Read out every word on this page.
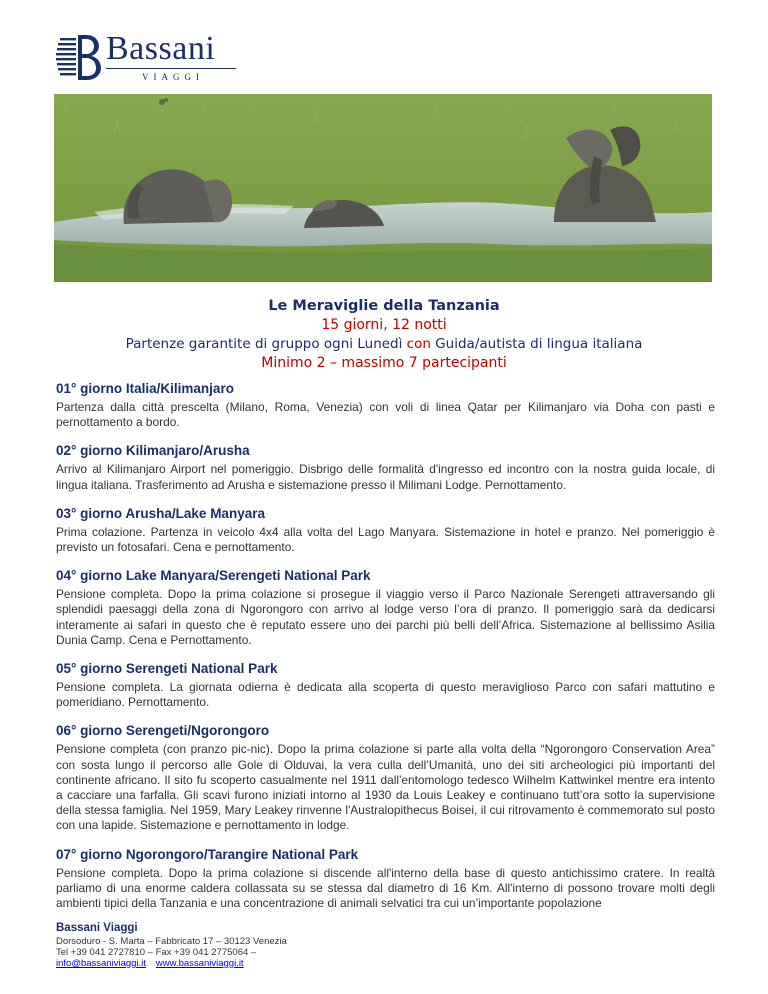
Bassani
VIAGGI
Le Meraviglie della Tanzania
15 giorni, 12 notti
Partenze garantite di gruppo ogni Lunedì con Guida/autista di lingua italiana
Minimo 2 – massimo 7 partecipanti
01° giorno Italia/Kilimanjaro

Partenza dalla città prescelta (Milano, Roma, Venezia) con voli di linea Qatar per Kilimanjaro via Doha con pasti e pernottamento a bordo.

02° giorno Kilimanjaro/Arusha

Arrivo al Kilimanjaro Airport nel pomeriggio. Disbrigo delle formalità d'ingresso ed incontro con la nostra guida locale, di lingua italiana. Trasferimento ad Arusha e sistemazione presso il Milimani Lodge. Pernottamento.

03° giorno Arusha/Lake Manyara

Prima colazione. Partenza in veicolo 4x4 alla volta del Lago Manyara. Sistemazione in hotel e pranzo. Nel pomeriggio è previsto un fotosafari. Cena e pernottamento.

04° giorno Lake Manyara/Serengeti National Park

Pensione completa. Dopo la prima colazione si prosegue il viaggio verso il Parco Nazionale Serengeti attraversando gli splendidi paesaggi della zona di Ngorongoro con arrivo al lodge verso l’ora di pranzo. Il pomeriggio sarà da dedicarsi interamente ai safari in questo che è reputato essere uno dei parchi più belli dell’Africa. Sistemazione al bellissimo Asilia Dunia Camp. Cena e Pernottamento.

05° giorno Serengeti National Park

Pensione completa. La giornata odierna è dedicata alla scoperta di questo meraviglioso Parco con safari mattutino e pomeridiano. Pernottamento.

06° giorno Serengeti/Ngorongoro

Pensione completa (con pranzo pic-nic). Dopo la prima colazione si parte alla volta della “Ngorongoro Conservation Area” con sosta lungo il percorso alle Gole di Olduvai, la vera culla dell’Umanità, uno dei siti archeologici più importanti del continente africano. Il sito fu scoperto casualmente nel 1911 dall'entomologo tedesco Wilhelm Kattwinkel mentre era intento a cacciare una farfalla. Gli scavi furono iniziati intorno al 1930 da Louis Leakey e continuano tutt’ora sotto la supervisione della stessa famiglia. Nel 1959, Mary Leakey rinvenne l'Australopithecus Boisei, il cui ritrovamento è commemorato sul posto con una lapide. Sistemazione e pernottamento in lodge.

07° giorno Ngorongoro/Tarangire National Park

Pensione completa. Dopo la prima colazione si discende all'interno della base di questo antichissimo cratere. In realtà parliamo di una enorme caldera collassata su se stessa dal diametro di 16 Km. All'interno di possono trovare molti degli ambienti tipici della Tanzania e una concentrazione di animali selvatici tra cui un’importante popolazione

Bassani Viaggi
Dorsoduro - S. Marta – Fabbricato 17 – 30123 Venezia
Tel +39 041 2727810 – Fax +39 041 2775064 –
info@bassaniviaggi.it www.bassaniviaggi.it
